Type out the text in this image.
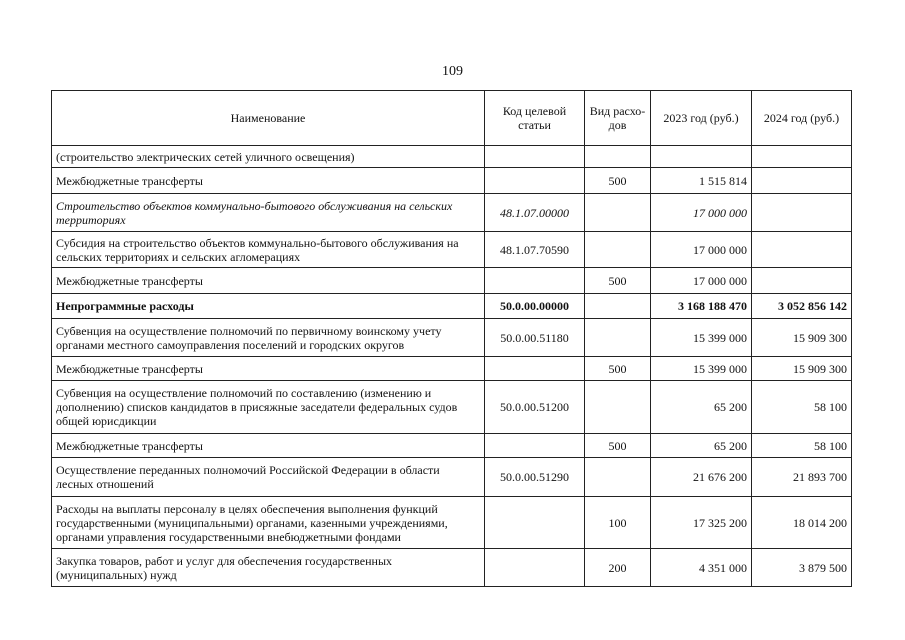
109
Наименование	Код целевой статьи	Вид расхо-дов	2023 год (руб.)	2024 год (руб.)
(строительство электрических сетей уличного освещения)				
Межбюджетные трансферты		500	1 515 814	
Строительство объектов коммунально-бытового обслуживания на сельских территориях	48.1.07.00000		17 000 000	
Субсидия на строительство объектов коммунально-бытового обслуживания на сельских территориях и сельских агломерациях	48.1.07.70590		17 000 000	
Межбюджетные трансферты		500	17 000 000	
Непрограммные расходы	50.0.00.00000		3 168 188 470	3 052 856 142
Субвенция на осуществление полномочий по первичному воинскому учету органами местного самоуправления поселений и городских округов	50.0.00.51180		15 399 000	15 909 300
Межбюджетные трансферты		500	15 399 000	15 909 300
Субвенция на осуществление полномочий по составлению (изменению и дополнению) списков кандидатов в присяжные заседатели федеральных судов общей юрисдикции	50.0.00.51200		65 200	58 100
Межбюджетные трансферты		500	65 200	58 100
Осуществление переданных полномочий Российской Федерации в области лесных отношений	50.0.00.51290		21 676 200	21 893 700
Расходы на выплаты персоналу в целях обеспечения выполнения функций государственными (муниципальными) органами, казенными учреждениями, органами управления государственными внебюджетными фондами		100	17 325 200	18 014 200
Закупка товаров, работ и услуг для обеспечения государственных (муниципальных) нужд		200	4 351 000	3 879 500
